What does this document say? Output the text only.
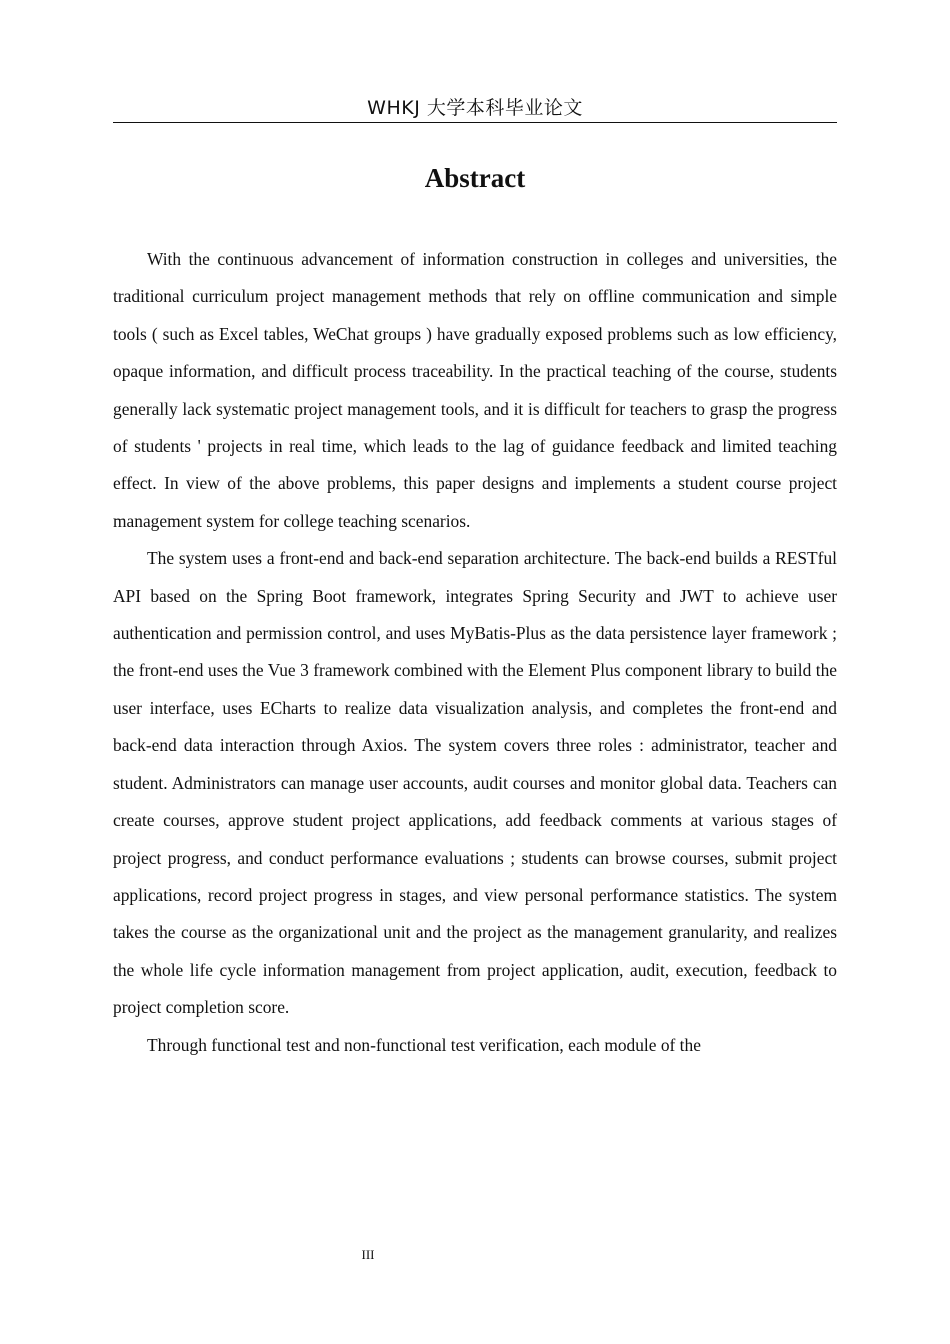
WHKJ 大学本科毕业论文
Abstract

With the continuous advancement of information construction in colleges and universities, the traditional curriculum project management methods that rely on offline communication and simple tools ( such as Excel tables, WeChat groups ) have gradually exposed problems such as low efficiency, opaque information, and difficult process traceability. In the practical teaching of the course, students generally lack systematic project management tools, and it is difficult for teachers to grasp the progress of students ' projects in real time, which leads to the lag of guidance feedback and limited teaching effect. In view of the above problems, this paper designs and implements a student course project management system for college teaching scenarios.

The system uses a front-end and back-end separation architecture. The back-end builds a RESTful API based on the Spring Boot framework, integrates Spring Security and JWT to achieve user authentication and permission control, and uses MyBatis-Plus as the data persistence layer framework ; the front-end uses the Vue 3 framework combined with the Element Plus component library to build the user interface, uses ECharts to realize data visualization analysis, and completes the front-end and back-end data interaction through Axios. The system covers three roles : administrator, teacher and student. Administrators can manage user accounts, audit courses and monitor global data. Teachers can create courses, approve student project applications, add feedback comments at various stages of project progress, and conduct performance evaluations ; students can browse courses, submit project applications, record project progress in stages, and view personal performance statistics. The system takes the course as the organizational unit and the project as the management granularity, and realizes the whole life cycle information management from project application, audit, execution, feedback to project completion score.

Through functional test and non-functional test verification, each module of the

III
